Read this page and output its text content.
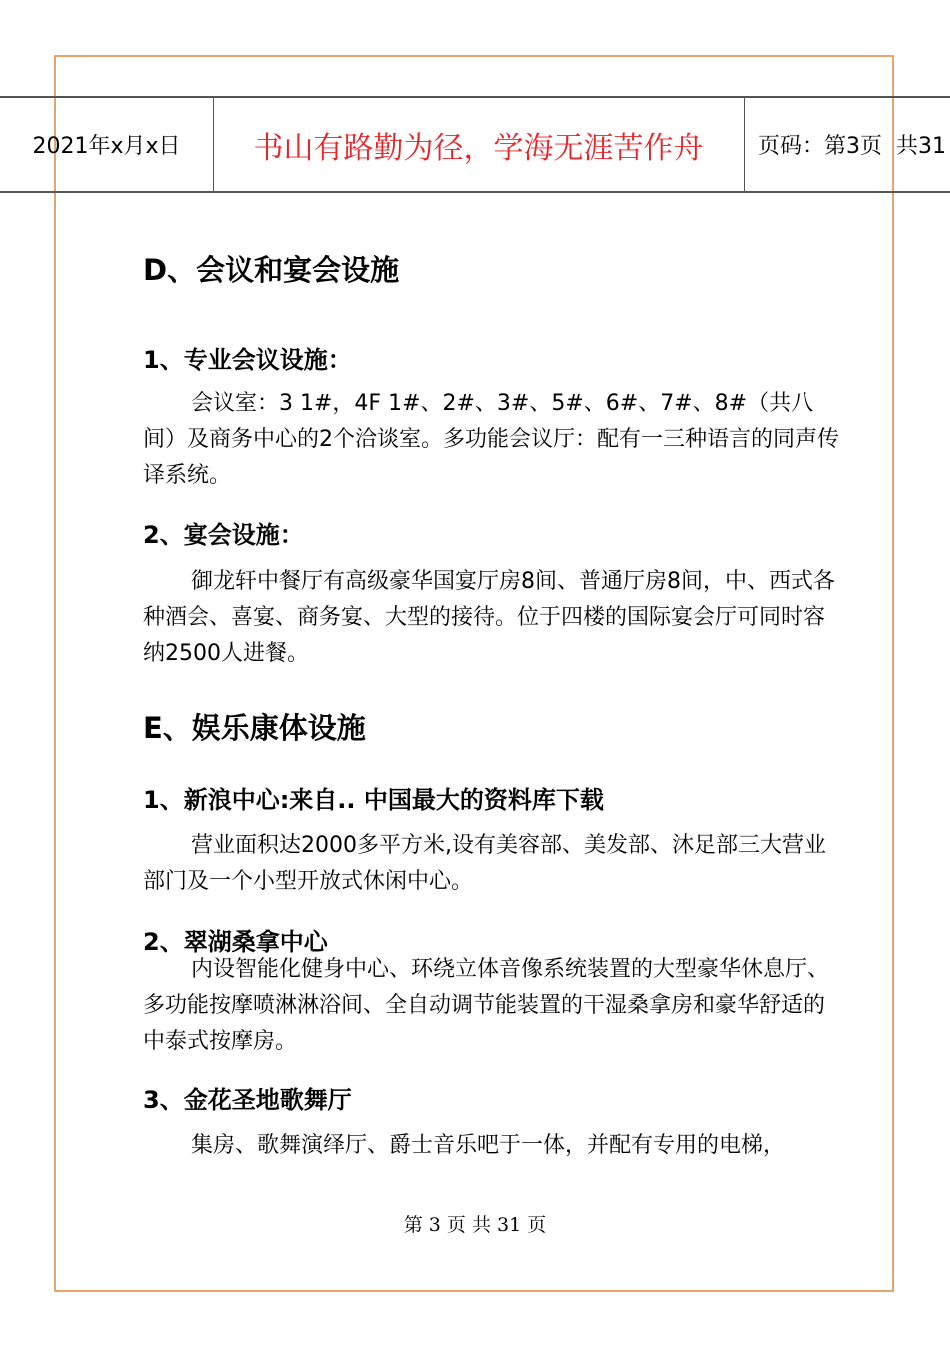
2021年x月x日	书山有路勤为径，学海无涯苦作舟	页码：第3页 共31
D、会议和宴会设施
1、专业会议设施：
会议室：3 1#，4F 1#、2#、3#、5#、6#、7#、8#（共八间）及商务中心的2个洽谈室。多功能会议厅：配有一三种语言的同声传译系统。
2、宴会设施：
御龙轩中餐厅有高级豪华国宴厅房8间、普通厅房8间，中、西式各种酒会、喜宴、商务宴、大型的接待。位于四楼的国际宴会厅可同时容纳2500人进餐。
E、娱乐康体设施
1、新浪中心:来自.. 中国最大的资料库下载
营业面积达2000多平方米,设有美容部、美发部、沐足部三大营业部门及一个小型开放式休闲中心。
2、翠湖桑拿中心
内设智能化健身中心、环绕立体音像系统装置的大型豪华休息厅、多功能按摩喷淋淋浴间、全自动调节能装置的干湿桑拿房和豪华舒适的中泰式按摩房。
3、金花圣地歌舞厅
集房、歌舞演绎厅、爵士音乐吧于一体，并配有专用的电梯，
第 3 页 共 31 页
